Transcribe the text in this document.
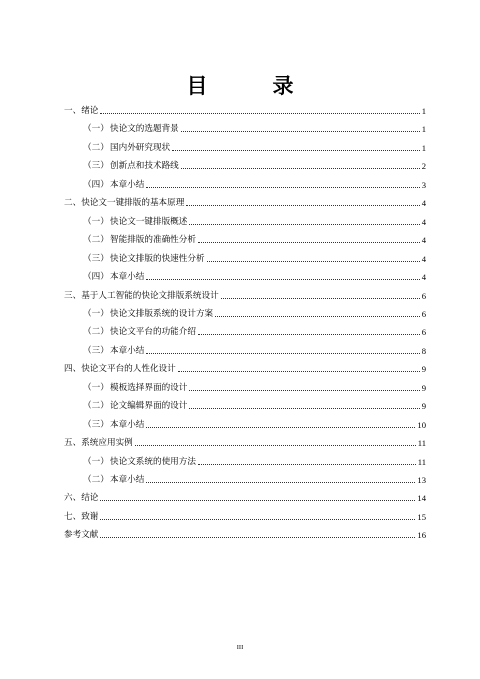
目　录
一、 绪论	1
（一） 快论文的选题背景	1
（二） 国内外研究现状	1
（三） 创新点和技术路线	2
（四） 本章小结	3
二、 快论文一键排版的基本原理	4
（一） 快论文一键排版概述	4
（二） 智能排版的准确性分析	4
（三） 快论文排版的快速性分析	4
（四） 本章小结	4
三、 基于人工智能的快论文排版系统设计	6
（一） 快论文排版系统的设计方案	6
（二） 快论文平台的功能介绍	6
（三） 本章小结	8
四、 快论文平台的人性化设计	9
（一） 模板选择界面的设计	9
（二） 论文编辑界面的设计	9
（三） 本章小结	10
五、 系统应用实例	11
（一） 快论文系统的使用方法	11
（二） 本章小结	13
六、 结论	14
七、 致谢	15
参考文献	16
III
